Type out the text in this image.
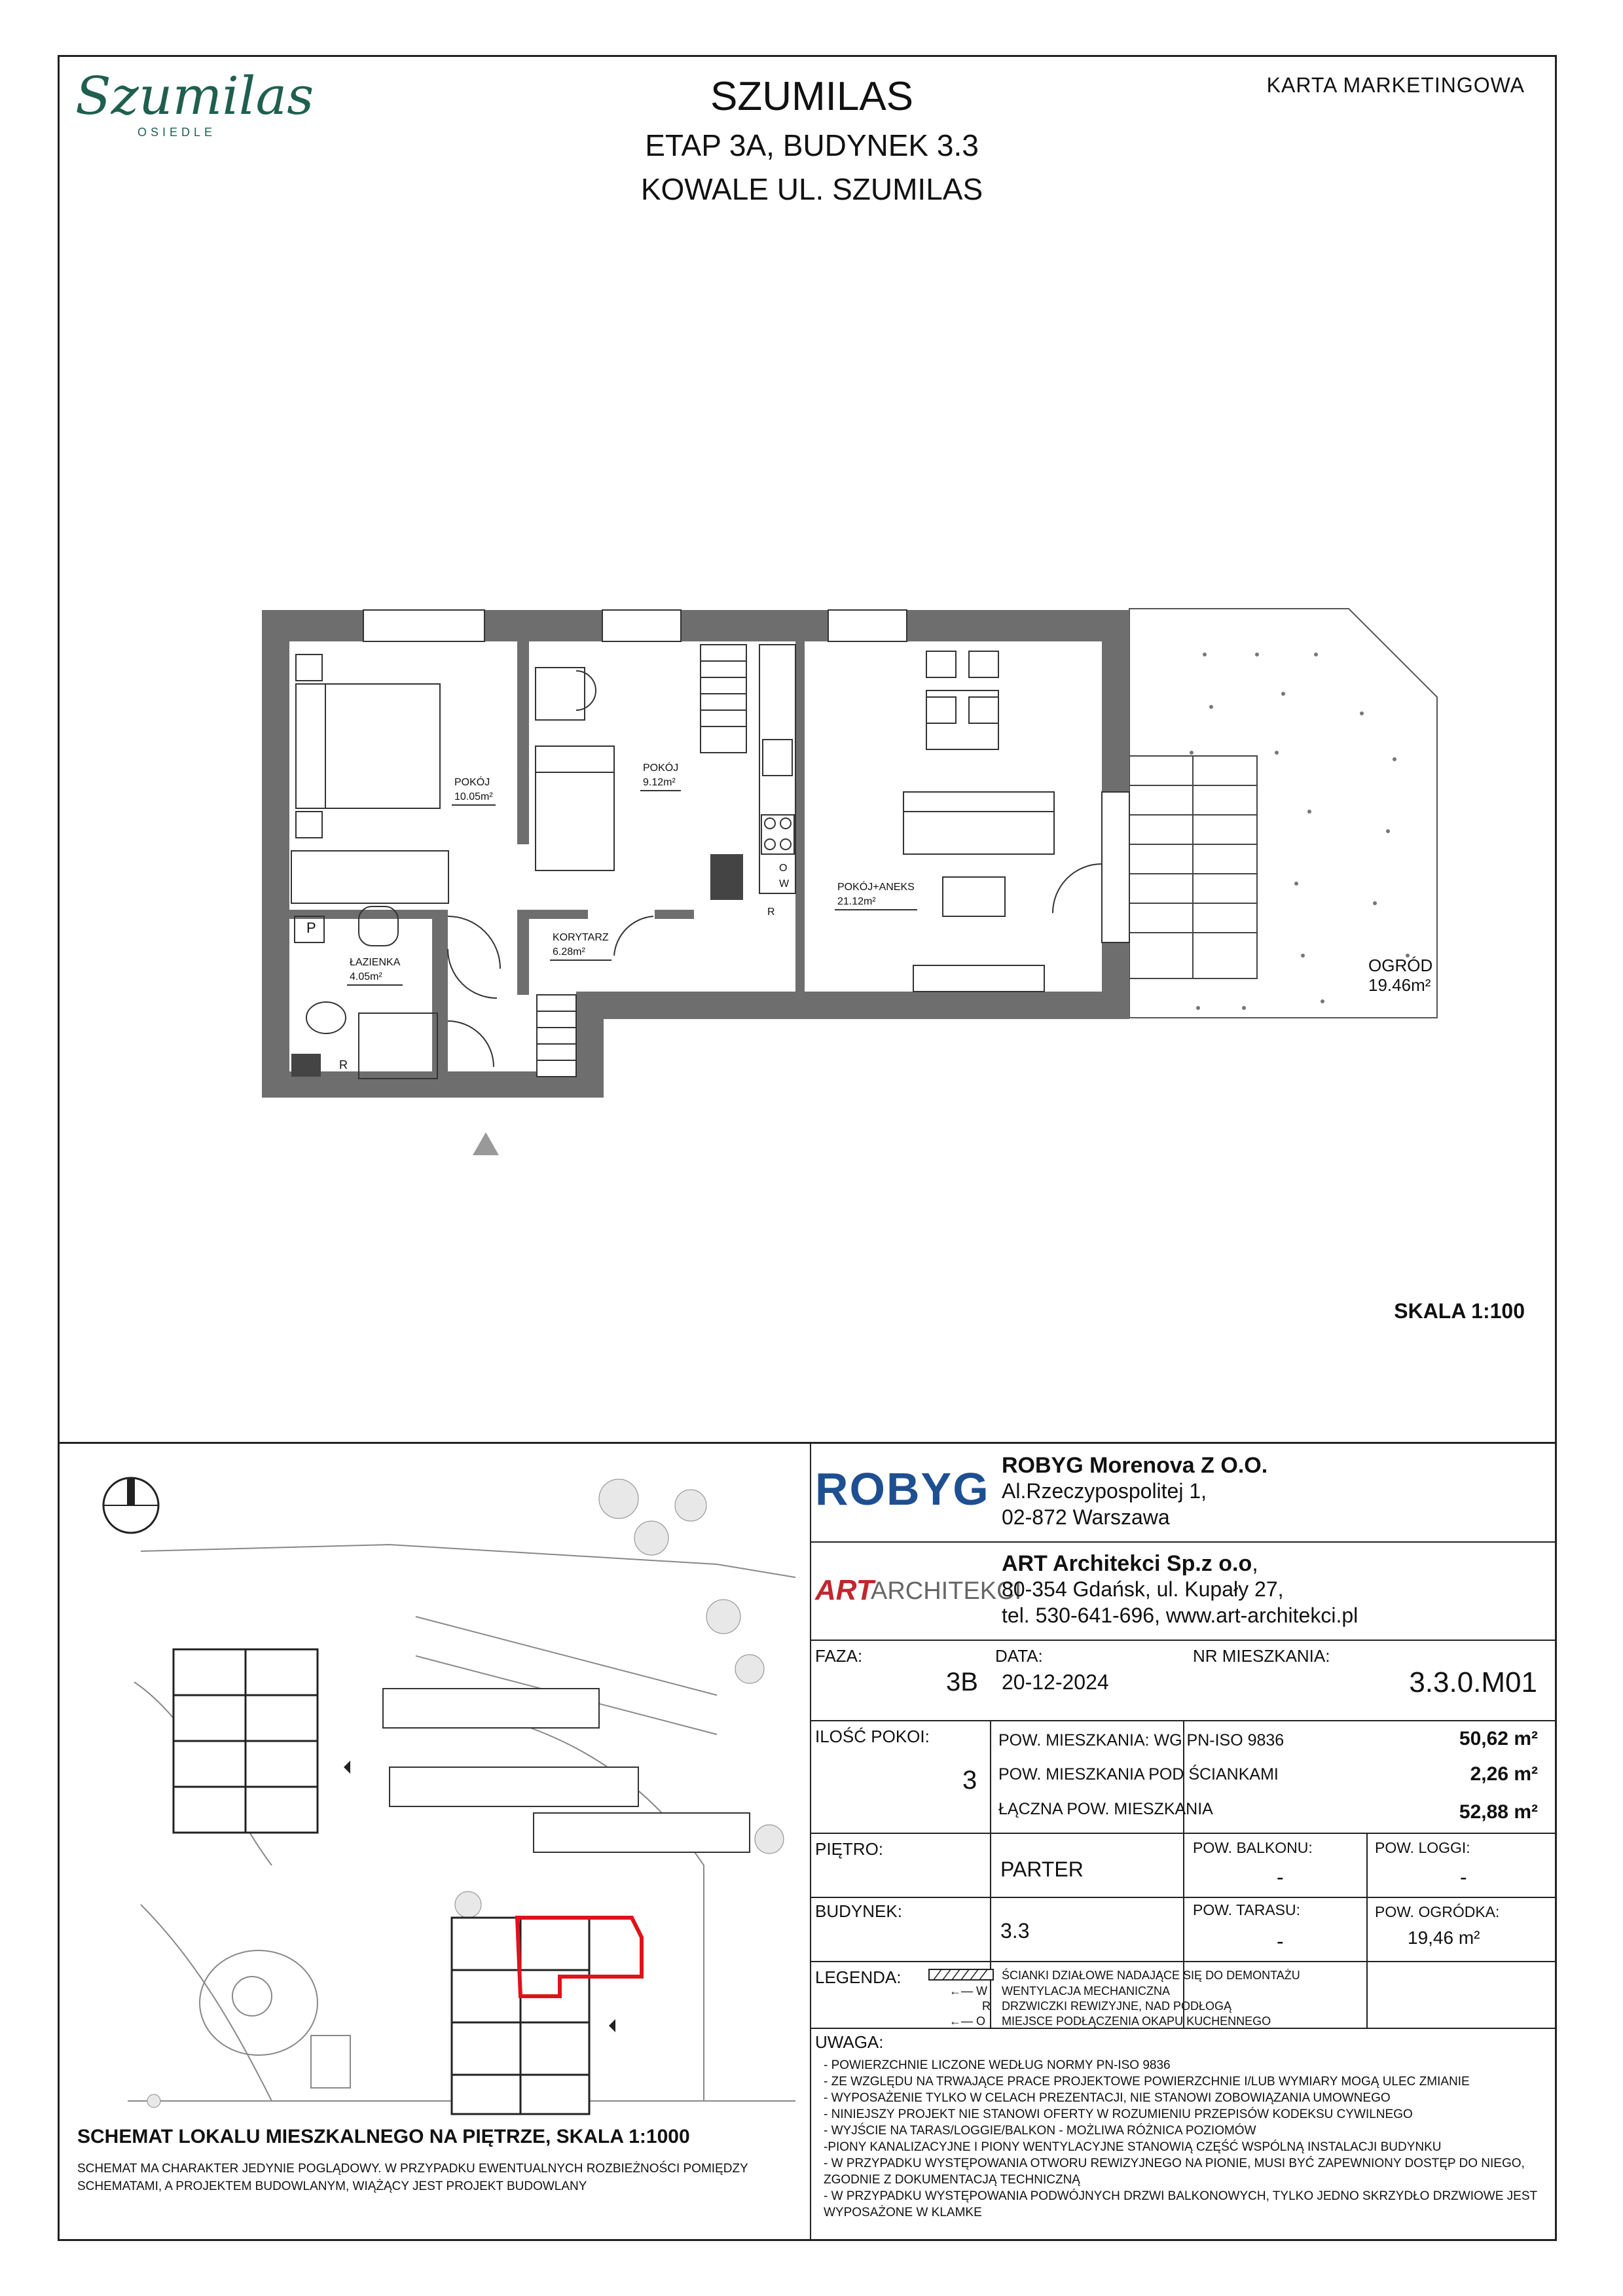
Szumilas
OSIEDLE
SZUMILAS
ETAP 3A, BUDYNEK 3.3
KOWALE UL. SZUMILAS
KARTA MARKETINGOWA
P
R
R
O
W
POKÓJ
10.05m²
POKÓJ
9.12m²
POKÓJ+ANEKS
21.12m²
KORYTARZ
6.28m²
ŁAZIENKA
4.05m²
OGRÓD
19.46m²
SKALA 1:100
SCHEMAT LOKALU MIESZKALNEGO NA PIĘTRZE, SKALA 1:1000
SCHEMAT MA CHARAKTER JEDYNIE POGLĄDOWY. W PRZYPADKU EWENTUALNYCH ROZBIEŻNOŚCI POMIĘDZY
SCHEMATAMI, A PROJEKTEM BUDOWLANYM, WIĄŻĄCY JEST PROJEKT BUDOWLANY
ROBYG ROBYG Morenova Z O.O.
Al.Rzeczypospolitej 1,
02-872 Warszawa
ART
ARCHITEKCI
ART Architekci Sp.z o.o,
80-354 Gdańsk, ul. Kupały 27,
tel. 530-641-696, www.art-architekci.pl
FAZA:
3B
DATA:
20-12-2024
NR MIESZKANIA:
3.3.0.M01
ILOŚĆ POKOI:
3
POW. MIESZKANIA: WG PN-ISO 9836	50,62 m²
POW. MIESZKANIA POD ŚCIANKAMI	2,26 m²
ŁĄCZNA POW. MIESZKANIA	52,88 m²
PIĘTRO:
PARTER
POW. BALKONU:
-
POW. LOGGI:
-
BUDYNEK:
3.3
POW. TARASU:
-
POW. OGRÓDKA:
19,46 m²
LEGENDA:	ŚCIANKI DZIAŁOWE NADAJĄCE SIĘ DO DEMONTAŻU
←— W WENTYLACJA MECHANICZNA
R DRZWICZKI REWIZYJNE, NAD PODŁOGĄ
←— O MIEJSCE PODŁĄCZENIA OKAPU KUCHENNEGO
UWAGA:
- POWIERZCHNIE LICZONE WEDŁUG NORMY PN-ISO 9836
- ZE WZGLĘDU NA TRWAJĄCE PRACE PROJEKTOWE POWIERZCHNIE I/LUB WYMIARY MOGĄ ULEC ZMIANIE
- WYPOSAŻENIE TYLKO W CELACH PREZENTACJI, NIE STANOWI ZOBOWIĄZANIA UMOWNEGO
- NINIEJSZY PROJEKT NIE STANOWI OFERTY W ROZUMIENIU PRZEPISÓW KODEKSU CYWILNEGO
- WYJŚCIE NA TARAS/LOGGIE/BALKON - MOŻLIWA RÓŻNICA POZIOMÓW
-PIONY KANALIZACYJNE I PIONY WENTYLACYJNE STANOWIĄ CZĘŚĆ WSPÓLNĄ INSTALACJI BUDYNKU
- W PRZYPADKU WYSTĘPOWANIA OTWORU REWIZYJNEGO NA PIONIE, MUSI BYĆ ZAPEWNIONY DOSTĘP DO NIEGO,
ZGODNIE Z DOKUMENTACJĄ TECHNICZNĄ
- W PRZYPADKU WYSTĘPOWANIA PODWÓJNYCH DRZWI BALKONOWYCH, TYLKO JEDNO SKRZYDŁO DRZWIOWE JEST
WYPOSAŻONE W KLAMKE
